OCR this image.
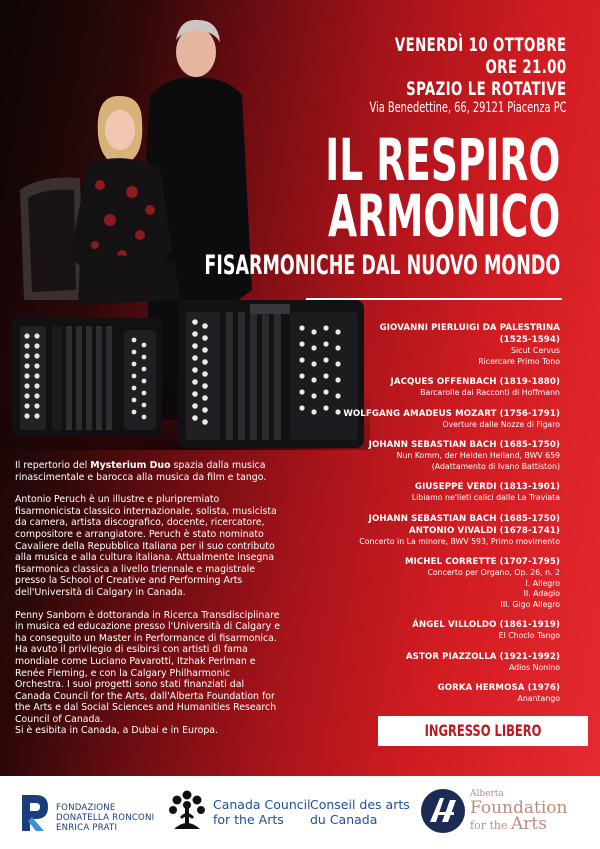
VENERDÌ 10 OTTOBRE
ORE 21.00
SPAZIO LE ROTATIVE
Via Benedettine, 66, 29121 Piacenza PC
IL RESPIRO
ARMONICO
FISARMONICHE DAL NUOVO MONDO
GIOVANNI PIERLUIGI DA PALESTRINA
(1525-1594)
Sicut Cervus
Ricercare Primo Tono
JACQUES OFFENBACH (1819-1880)
Barcarolle dai Racconti di Hoffmann
WOLFGANG AMADEUS MOZART (1756-1791)
Overture dalle Nozze di Figaro
JOHANN SEBASTIAN BACH (1685-1750)
Nun Komm, der Heiden Heiland, BWV 659
(Adattamento di Ivano Battiston)
GIUSEPPE VERDI (1813-1901)
Libiamo ne'lieti calici dalle La Traviata
JOHANN SEBASTIAN BACH (1685-1750)
ANTONIO VIVALDI (1678-1741)
Concerto in La minore, BWV 593, Primo movimento
MICHEL CORRETTE (1707-1795)
Concerto per Organo, Op. 26, n. 2
I. Allegro
II. Adagio
III. Gigo Allegro
ÁNGEL VILLOLDO (1861-1919)
El Choclo Tango
ASTOR PIAZZOLLA (1921-1992)
Adios Nonino
GORKA HERMOSA (1976)
Anantango

Il repertorio del Mysterium Duo spazia dalla musica rinascimentale e barocca alla musica da film e tango.

Antonio Peruch è un illustre e pluripremiato fisarmonicista classico internazionale, solista, musicista da camera, artista discografico, docente, ricercatore, compositore e arrangiatore. Peruch è stato nominato Cavaliere della Repubblica Italiana per il suo contributo alla musica e alla cultura italiana. Attualmente insegna fisarmonica classica a livello triennale e magistrale presso la School of Creative and Performing Arts dell'Università di Calgary in Canada.

Penny Sanborn è dottoranda in Ricerca Transdisciplinare in musica ed educazione presso l'Università di Calgary e ha conseguito un Master in Performance di fisarmonica.
Ha avuto il privilegio di esibirsi con artisti di fama mondiale come Luciano Pavarotti, Itzhak Perlman e Renée Fleming, e con la Calgary Philharmonic Orchestra. I suoi progetti sono stati finanziati dal Canada Council for the Arts, dall'Alberta Foundation for the Arts e dal Social Sciences and Humanities Research Council of Canada.
Si è esibita in Canada, a Dubai e in Europa.	INGRESSO LIBERO
FONDAZIONE
DONATELLA RONCONI
ENRICA PRATI
Canada Council
for the Arts
Conseil des arts
du Canada
Alberta
Foundation
for the Arts
